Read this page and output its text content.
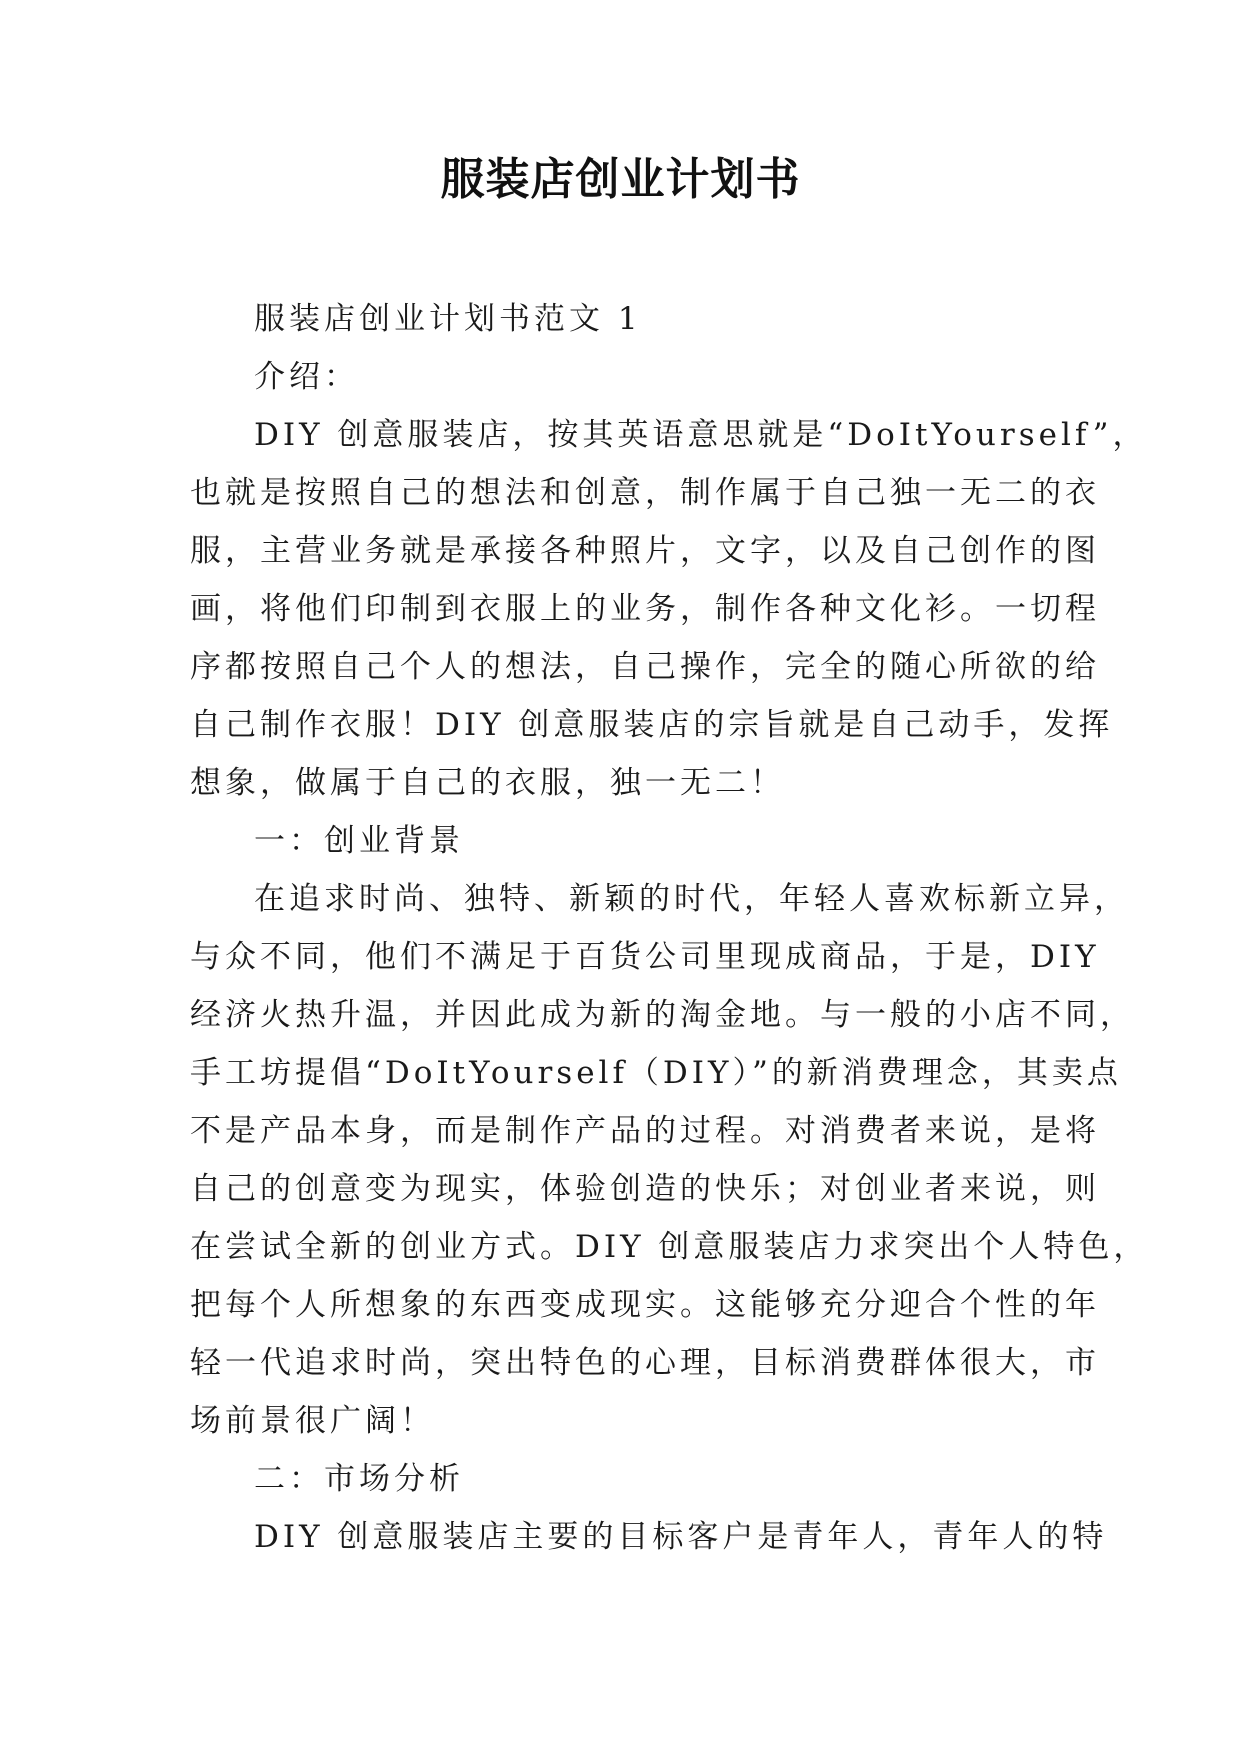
服装店创业计划书
服装店创业计划书范文 1
介绍：
DIY 创意服装店，按其英语意思就是“DoItYourself”，
也就是按照自己的想法和创意，制作属于自己独一无二的衣
服，主营业务就是承接各种照片，文字，以及自己创作的图
画，将他们印制到衣服上的业务，制作各种文化衫。一切程
序都按照自己个人的想法，自己操作，完全的随心所欲的给
自己制作衣服！DIY 创意服装店的宗旨就是自己动手，发挥
想象，做属于自己的衣服，独一无二！
一：创业背景
在追求时尚、独特、新颖的时代，年轻人喜欢标新立异，
与众不同，他们不满足于百货公司里现成商品，于是，DIY
经济火热升温，并因此成为新的淘金地。与一般的小店不同，
手工坊提倡“DoItYourself（DIY）”的新消费理念，其卖点
不是产品本身，而是制作产品的过程。对消费者来说，是将
自己的创意变为现实，体验创造的快乐；对创业者来说，则
在尝试全新的创业方式。DIY 创意服装店力求突出个人特色，
把每个人所想象的东西变成现实。这能够充分迎合个性的年
轻一代追求时尚，突出特色的心理，目标消费群体很大，市
场前景很广阔！
二：市场分析
DIY 创意服装店主要的目标客户是青年人，青年人的特
